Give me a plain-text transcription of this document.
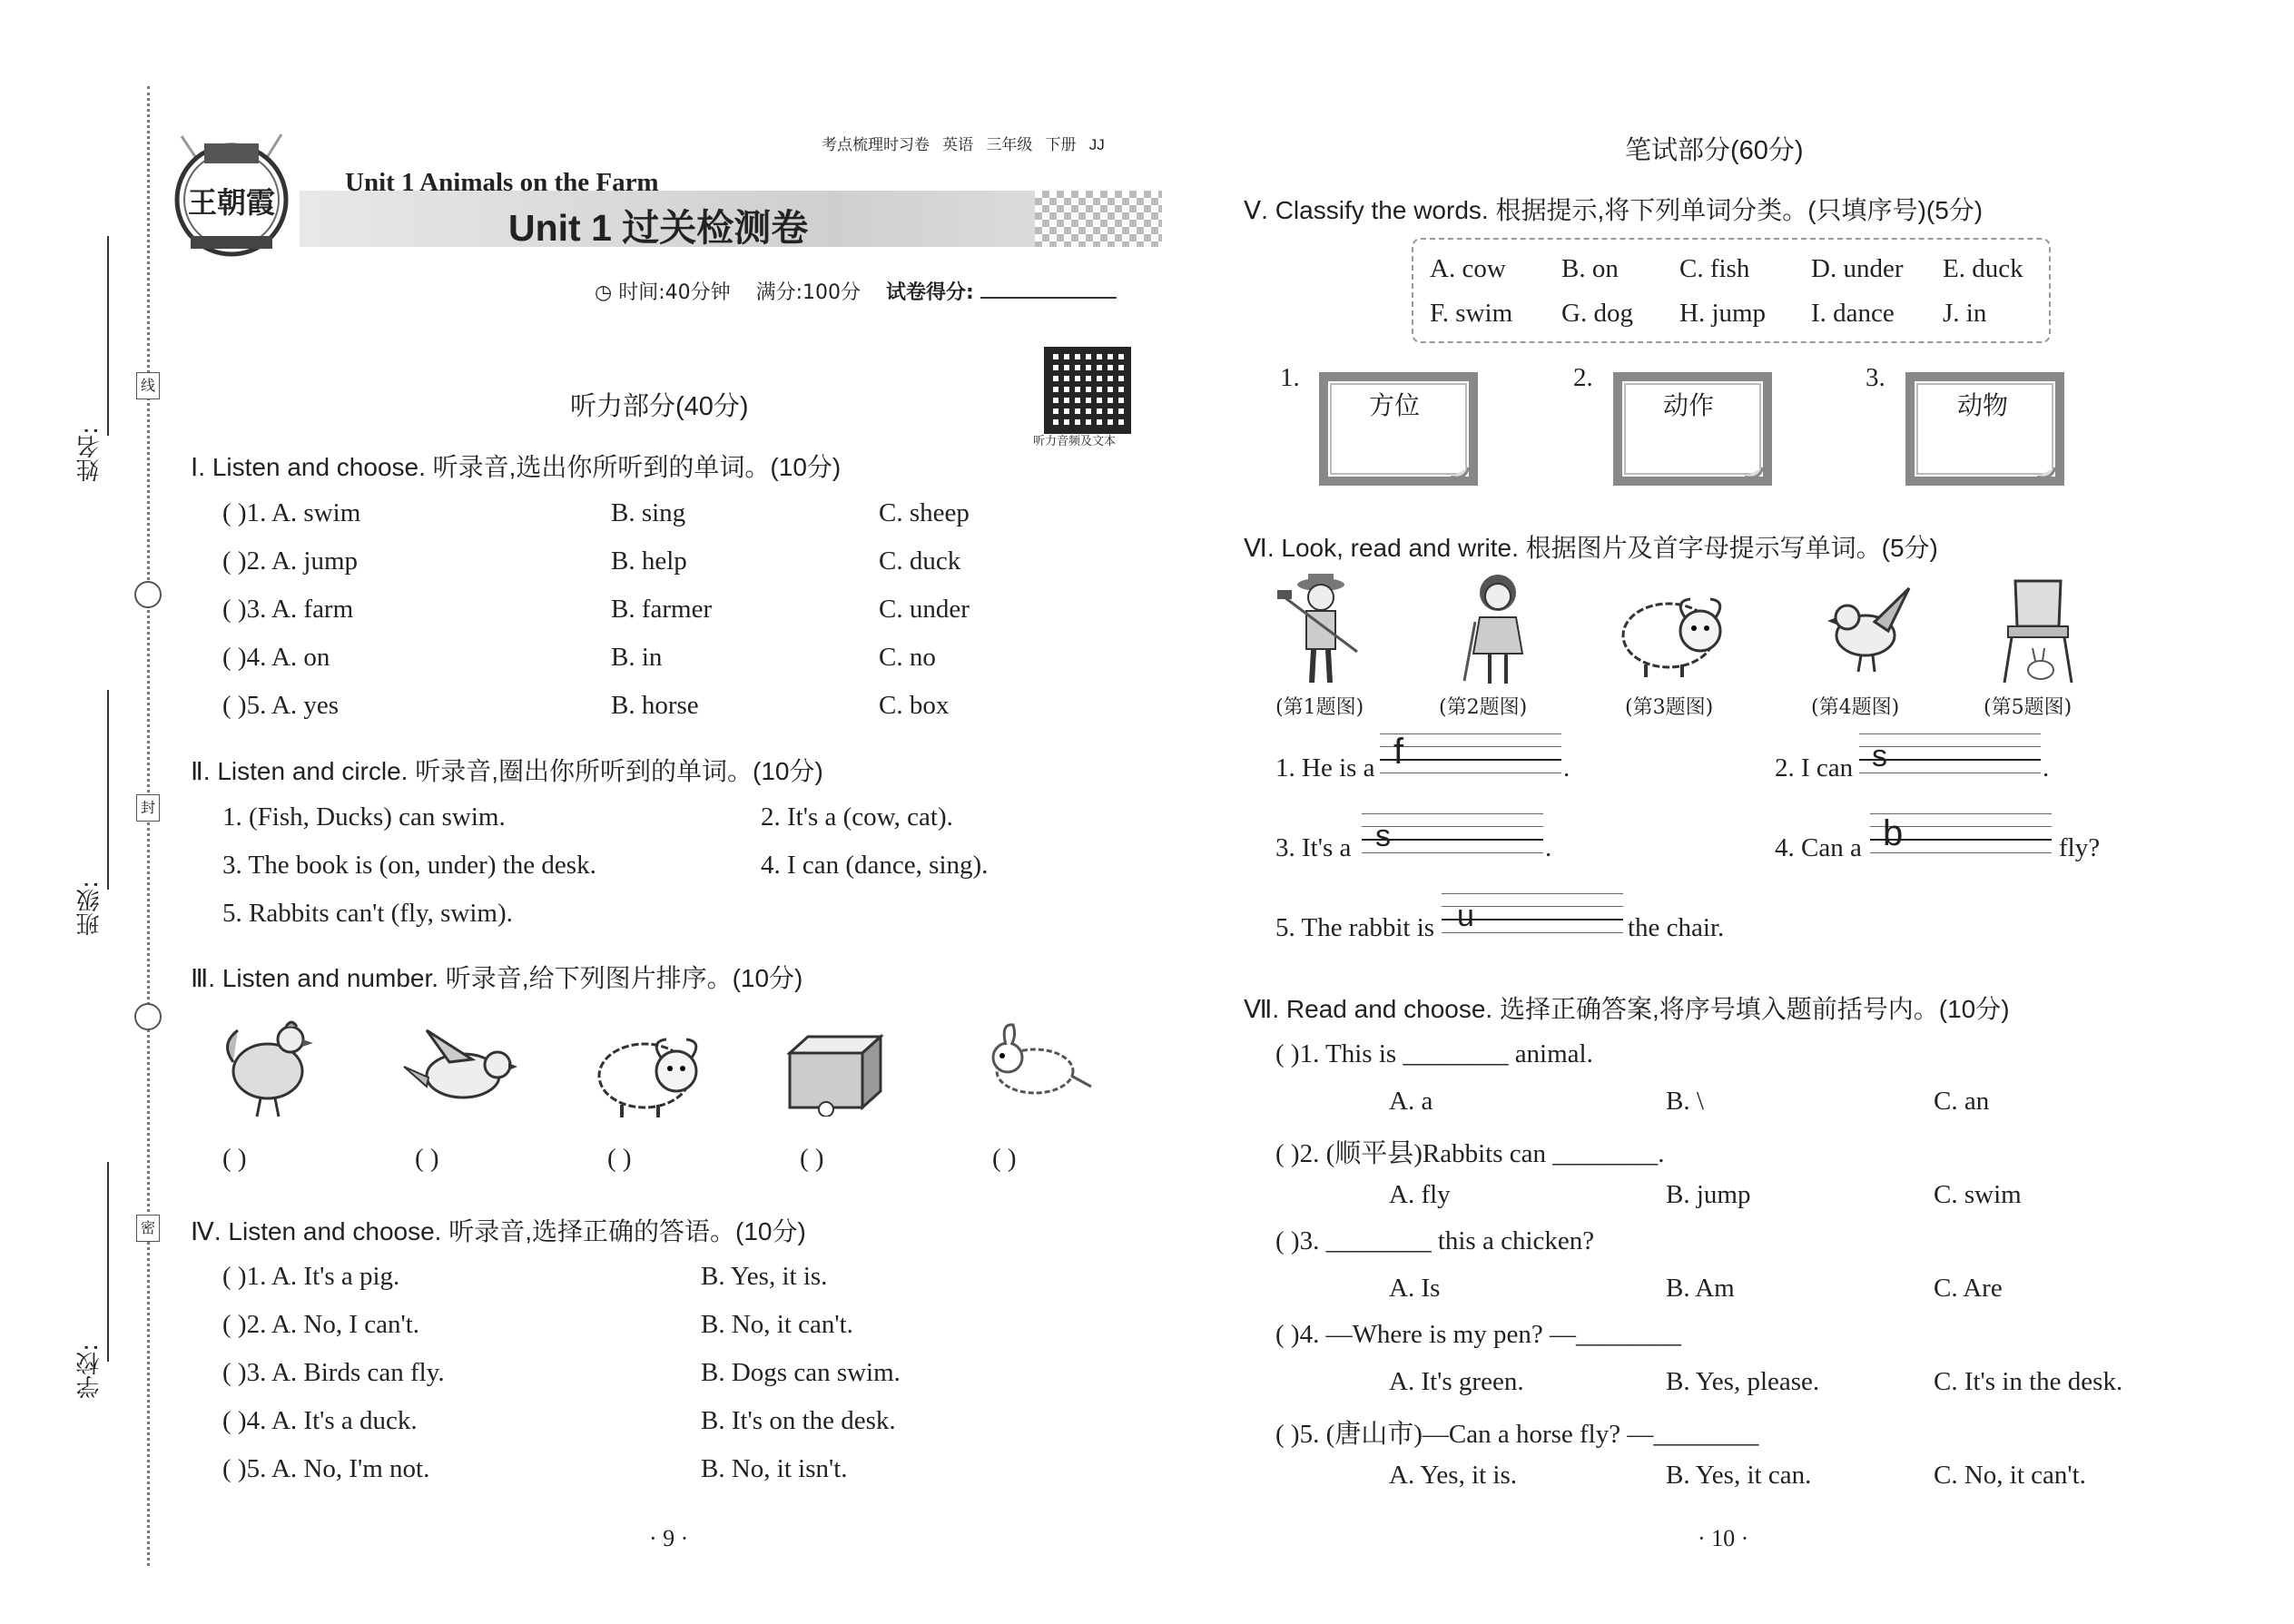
姓名:
班级:
学校:
线
封
密
考点梳理时习卷 英语 三年级 下册 JJ
王朝霞
Unit 1 Animals on the Farm
Unit 1 过关检测卷
◷ 时间:40分钟 满分:100分 试卷得分:
听力音频及文本
听力部分(40分)
Ⅰ. Listen and choose. 听录音,选出你所听到的单词。(10分)
( )1. A. swim	B. sing	C. sheep
( )2. A. jump	B. help	C. duck
( )3. A. farm	B. farmer	C. under
( )4. A. on	B. in	C. no
( )5. A. yes	B. horse	C. box
Ⅱ. Listen and circle. 听录音,圈出你所听到的单词。(10分)
1. (Fish, Ducks) can swim.	2. It's a (cow, cat).
3. The book is (on, under) the desk.	4. I can (dance, sing).
5. Rabbits can't (fly, swim).
Ⅲ. Listen and number. 听录音,给下列图片排序。(10分)
( )	( )	( )	( )	( )
Ⅳ. Listen and choose. 听录音,选择正确的答语。(10分)
( )1. A. It's a pig.	B. Yes, it is.
( )2. A. No, I can't.	B. No, it can't.
( )3. A. Birds can fly.	B. Dogs can swim.
( )4. A. It's a duck.	B. It's on the desk.
( )5. A. No, I'm not.	B. No, it isn't.
· 9 ·
笔试部分(60分)
Ⅴ. Classify the words. 根据提示,将下列单词分类。(只填序号)(5分)
A. cow B. on C. fish D. under E. duck
F. swim G. dog H. jump I. dance J. in
1.
方位
2.
动作
3.
动物
Ⅵ. Look, read and write. 根据图片及首字母提示写单词。(5分)
(第1题图)	(第2题图)	(第3题图)	(第4题图)	(第5题图)
1. He is a f	.	2. I can s	.
3. It's a s	.	4. Can a b	fly?
5. The rabbit is u	the chair.
Ⅶ. Read and choose. 选择正确答案,将序号填入题前括号内。(10分)
( )1. This is ________ animal.
A. a	B. \	C. an
( )2. (顺平县)Rabbits can ________.
A. fly	B. jump	C. swim
( )3. ________ this a chicken?
A. Is	B. Am	C. Are
( )4. —Where is my pen? —________
A. It's green.	B. Yes, please.	C. It's in the desk.
( )5. (唐山市)—Can a horse fly? —________
A. Yes, it is.	B. Yes, it can.	C. No, it can't.
· 10 ·
